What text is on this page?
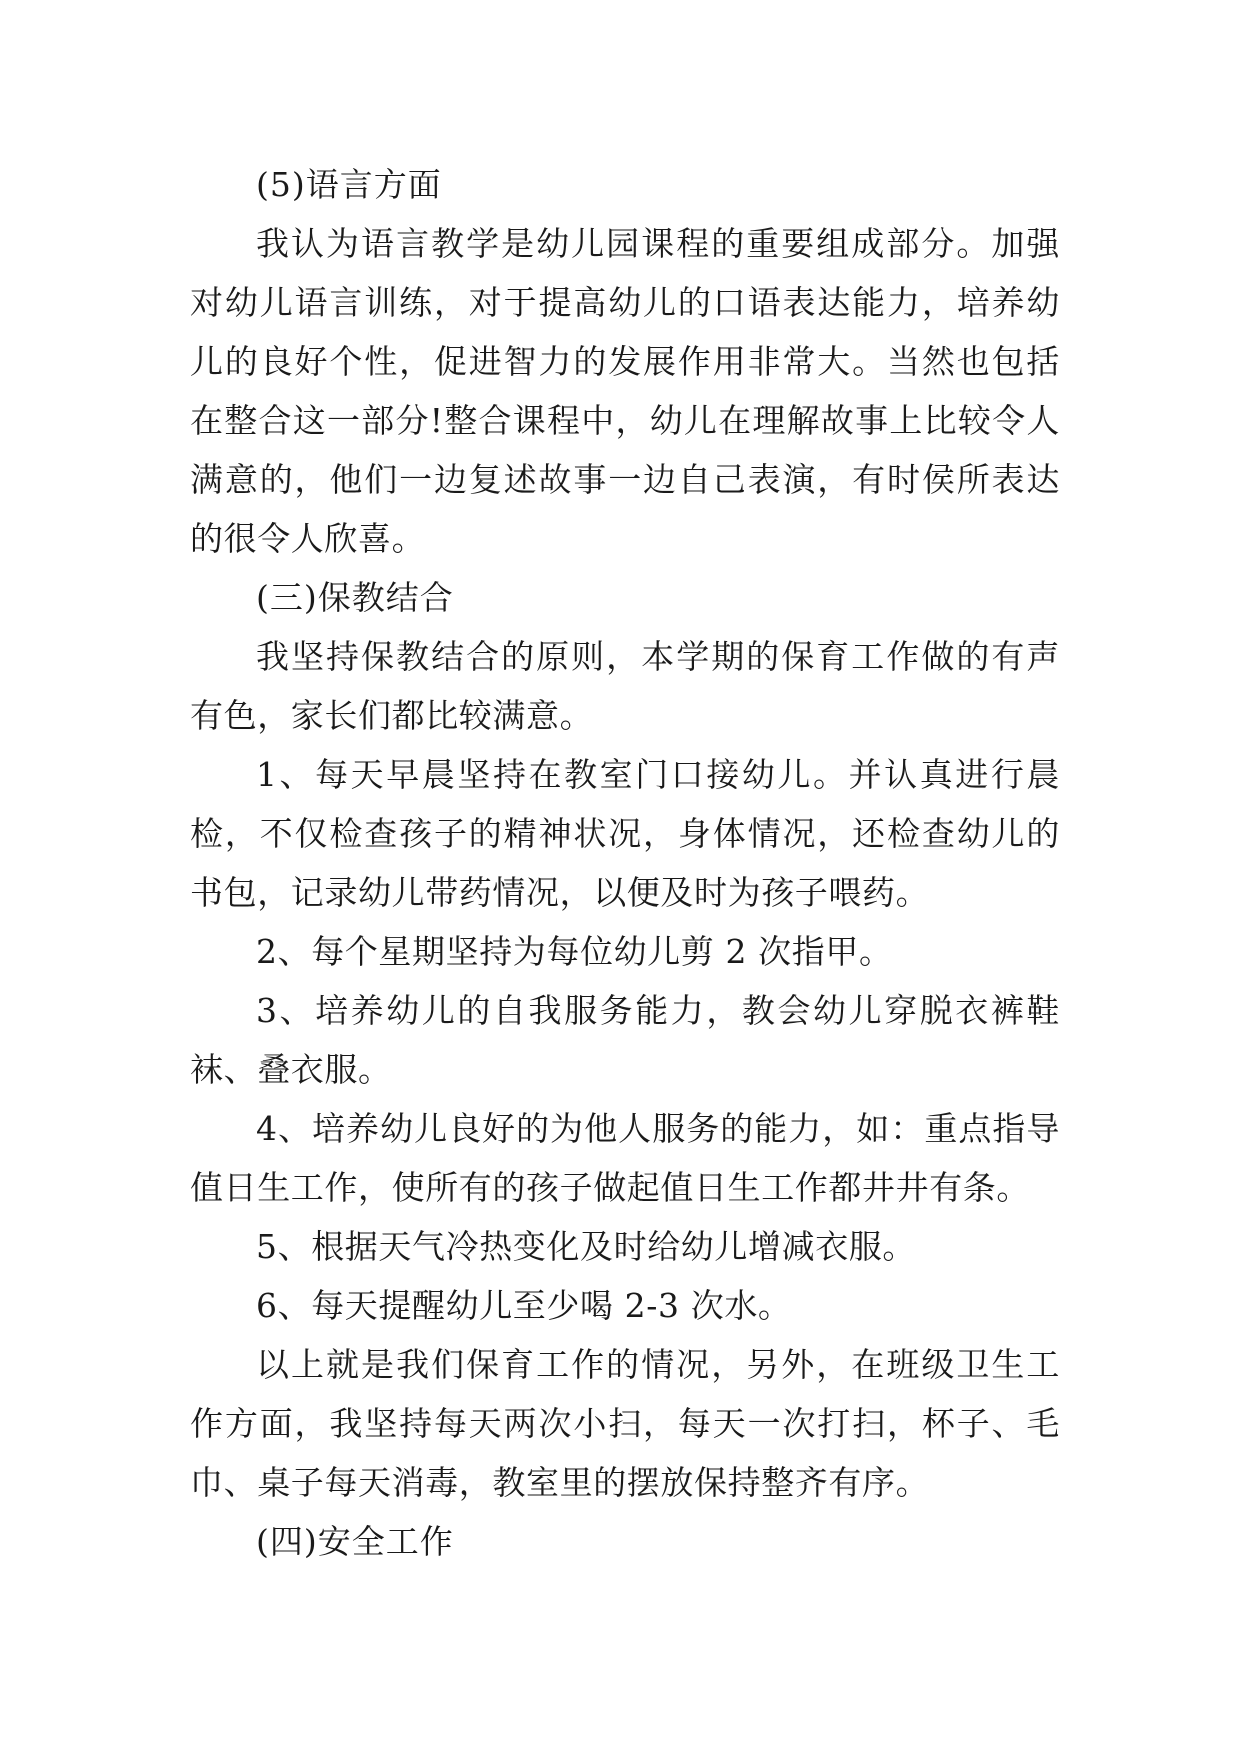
(5)语言方面

我认为语言教学是幼儿园课程的重要组成部分。加强对幼儿语言训练，对于提高幼儿的口语表达能力，培养幼儿的良好个性，促进智力的发展作用非常大。当然也包括在整合这一部分!整合课程中，幼儿在理解故事上比较令人满意的，他们一边复述故事一边自己表演，有时侯所表达的很令人欣喜。

(三)保教结合

我坚持保教结合的原则，本学期的保育工作做的有声有色，家长们都比较满意。

1、每天早晨坚持在教室门口接幼儿。并认真进行晨检，不仅检查孩子的精神状况，身体情况，还检查幼儿的书包，记录幼儿带药情况，以便及时为孩子喂药。

2、每个星期坚持为每位幼儿剪 2 次指甲。

3、培养幼儿的自我服务能力，教会幼儿穿脱衣裤鞋袜、叠衣服。

4、培养幼儿良好的为他人服务的能力，如：重点指导值日生工作，使所有的孩子做起值日生工作都井井有条。

5、根据天气冷热变化及时给幼儿增减衣服。

6、每天提醒幼儿至少喝 2-3 次水。

以上就是我们保育工作的情况，另外，在班级卫生工作方面，我坚持每天两次小扫，每天一次打扫，杯子、毛巾、桌子每天消毒，教室里的摆放保持整齐有序。

(四)安全工作
